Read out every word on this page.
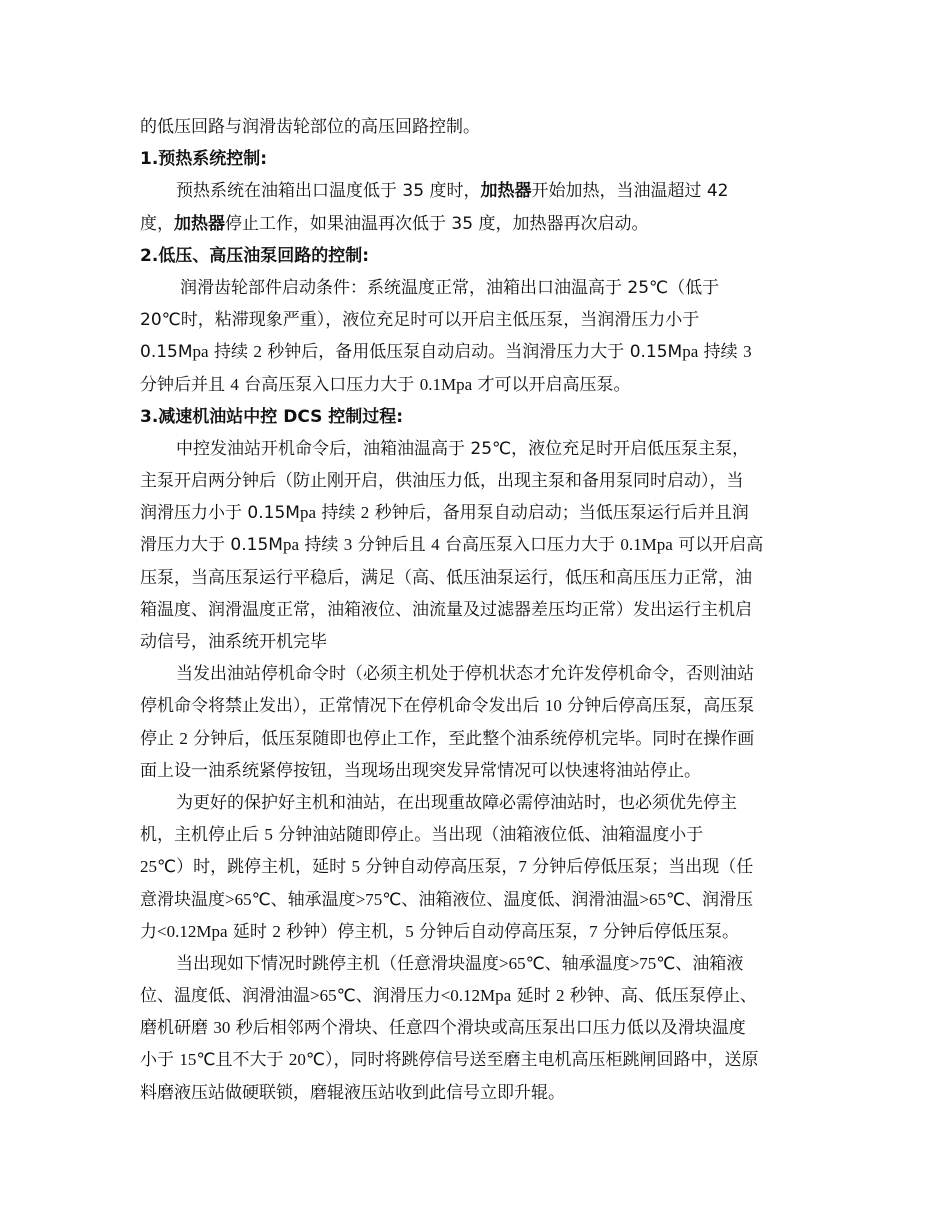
的低压回路与润滑齿轮部位的高压回路控制。
1.预热系统控制:
预热系统在油箱出口温度低于 35 度时，加热器开始加热，当油温超过 42
度，加热器停止工作，如果油温再次低于 35 度，加热器再次启动。
2.低压、高压油泵回路的控制:
润滑齿轮部件启动条件：系统温度正常，油箱出口油温高于 25℃（低于
20℃时，粘滞现象严重），液位充足时可以开启主低压泵，当润滑压力小于
0.15Mpa 持续 2 秒钟后，备用低压泵自动启动。当润滑压力大于 0.15Mpa 持续 3
分钟后并且 4 台高压泵入口压力大于 0.1Mpa 才可以开启高压泵。
3.减速机油站中控 DCS 控制过程:
中控发油站开机命令后，油箱油温高于 25℃，液位充足时开启低压泵主泵，
主泵开启两分钟后（防止刚开启，供油压力低，出现主泵和备用泵同时启动），当
润滑压力小于 0.15Mpa 持续 2 秒钟后，备用泵自动启动；当低压泵运行后并且润
滑压力大于 0.15Mpa 持续 3 分钟后且 4 台高压泵入口压力大于 0.1Mpa 可以开启高
压泵，当高压泵运行平稳后，满足（高、低压油泵运行，低压和高压压力正常，油
箱温度、润滑温度正常，油箱液位、油流量及过滤器差压均正常）发出运行主机启
动信号，油系统开机完毕
当发出油站停机命令时（必须主机处于停机状态才允许发停机命令，否则油站
停机命令将禁止发出），正常情况下在停机命令发出后 10 分钟后停高压泵，高压泵
停止 2 分钟后，低压泵随即也停止工作，至此整个油系统停机完毕。同时在操作画
面上设一油系统紧停按钮，当现场出现突发异常情况可以快速将油站停止。
为更好的保护好主机和油站，在出现重故障必需停油站时，也必须优先停主
机，主机停止后 5 分钟油站随即停止。当出现（油箱液位低、油箱温度小于
25℃）时，跳停主机，延时 5 分钟自动停高压泵，7 分钟后停低压泵；当出现（任
意滑块温度>65℃、轴承温度>75℃、油箱液位、温度低、润滑油温>65℃、润滑压
力<0.12Mpa 延时 2 秒钟）停主机，5 分钟后自动停高压泵，7 分钟后停低压泵。
当出现如下情况时跳停主机（任意滑块温度>65℃、轴承温度>75℃、油箱液
位、温度低、润滑油温>65℃、润滑压力<0.12Mpa 延时 2 秒钟、高、低压泵停止、
磨机研磨 30 秒后相邻两个滑块、任意四个滑块或高压泵出口压力低以及滑块温度
小于 15℃且不大于 20℃），同时将跳停信号送至磨主电机高压柜跳闸回路中，送原
料磨液压站做硬联锁，磨辊液压站收到此信号立即升辊。
